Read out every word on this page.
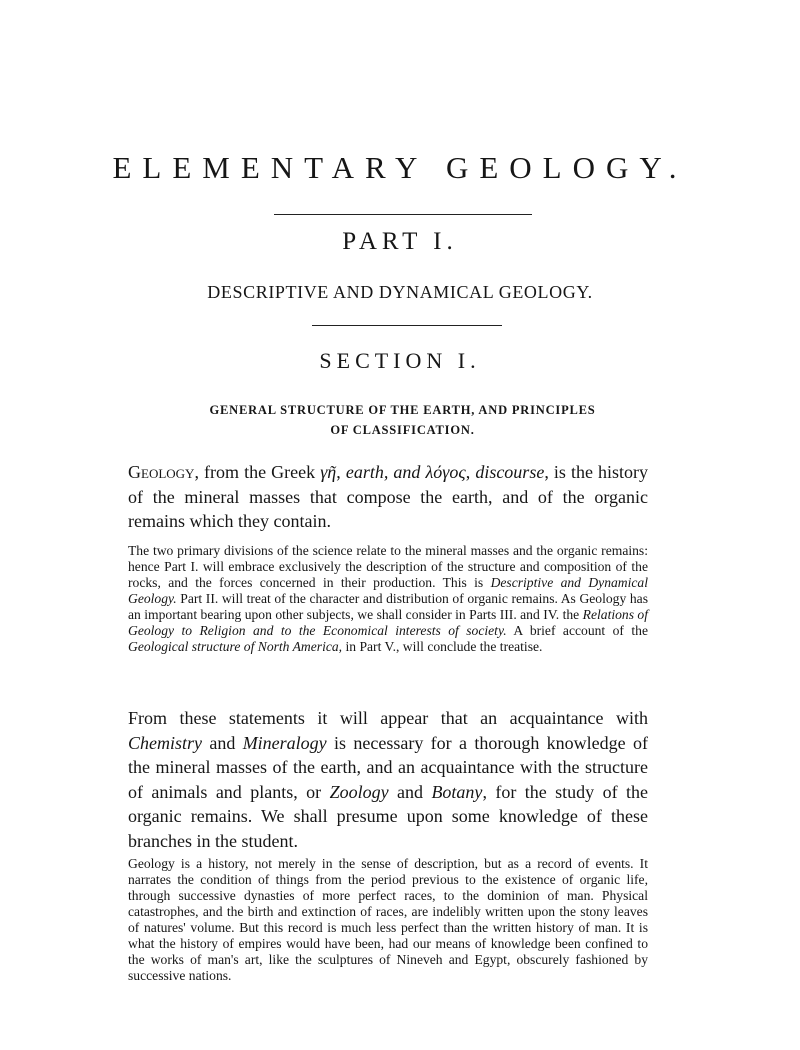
ELEMENTARY GEOLOGY.
PART I.
DESCRIPTIVE AND DYNAMICAL GEOLOGY.
SECTION I.
GENERAL STRUCTURE OF THE EARTH, AND PRINCIPLES
OF CLASSIFICATION.

Geology, from the Greek γῆ, earth, and λόγος, discourse, is the history of the mineral masses that compose the earth, and of the organic remains which they contain.

The two primary divisions of the science relate to the mineral masses and the organic remains: hence Part I. will embrace exclusively the description of the structure and composition of the rocks, and the forces concerned in their production. This is Descriptive and Dynamical Geology. Part II. will treat of the character and distribution of organic remains. As Geology has an important bearing upon other subjects, we shall consider in Parts III. and IV. the Relations of Geology to Religion and to the Economical interests of society. A brief account of the Geological structure of North America, in Part V., will conclude the treatise.

From these statements it will appear that an acquaintance with Chemistry and Mineralogy is necessary for a thorough knowledge of the mineral masses of the earth, and an acquaintance with the structure of animals and plants, or Zoology and Botany, for the study of the organic remains. We shall presume upon some knowledge of these branches in the student.

Geology is a history, not merely in the sense of description, but as a record of events. It narrates the condition of things from the period previous to the existence of organic life, through successive dynasties of more perfect races, to the dominion of man. Physical catastrophes, and the birth and extinction of races, are indelibly written upon the stony leaves of natures' volume. But this record is much less perfect than the written history of man. It is what the history of empires would have been, had our means of knowledge been confined to the works of man's art, like the sculptures of Nineveh and Egypt, obscurely fashioned by successive nations.
